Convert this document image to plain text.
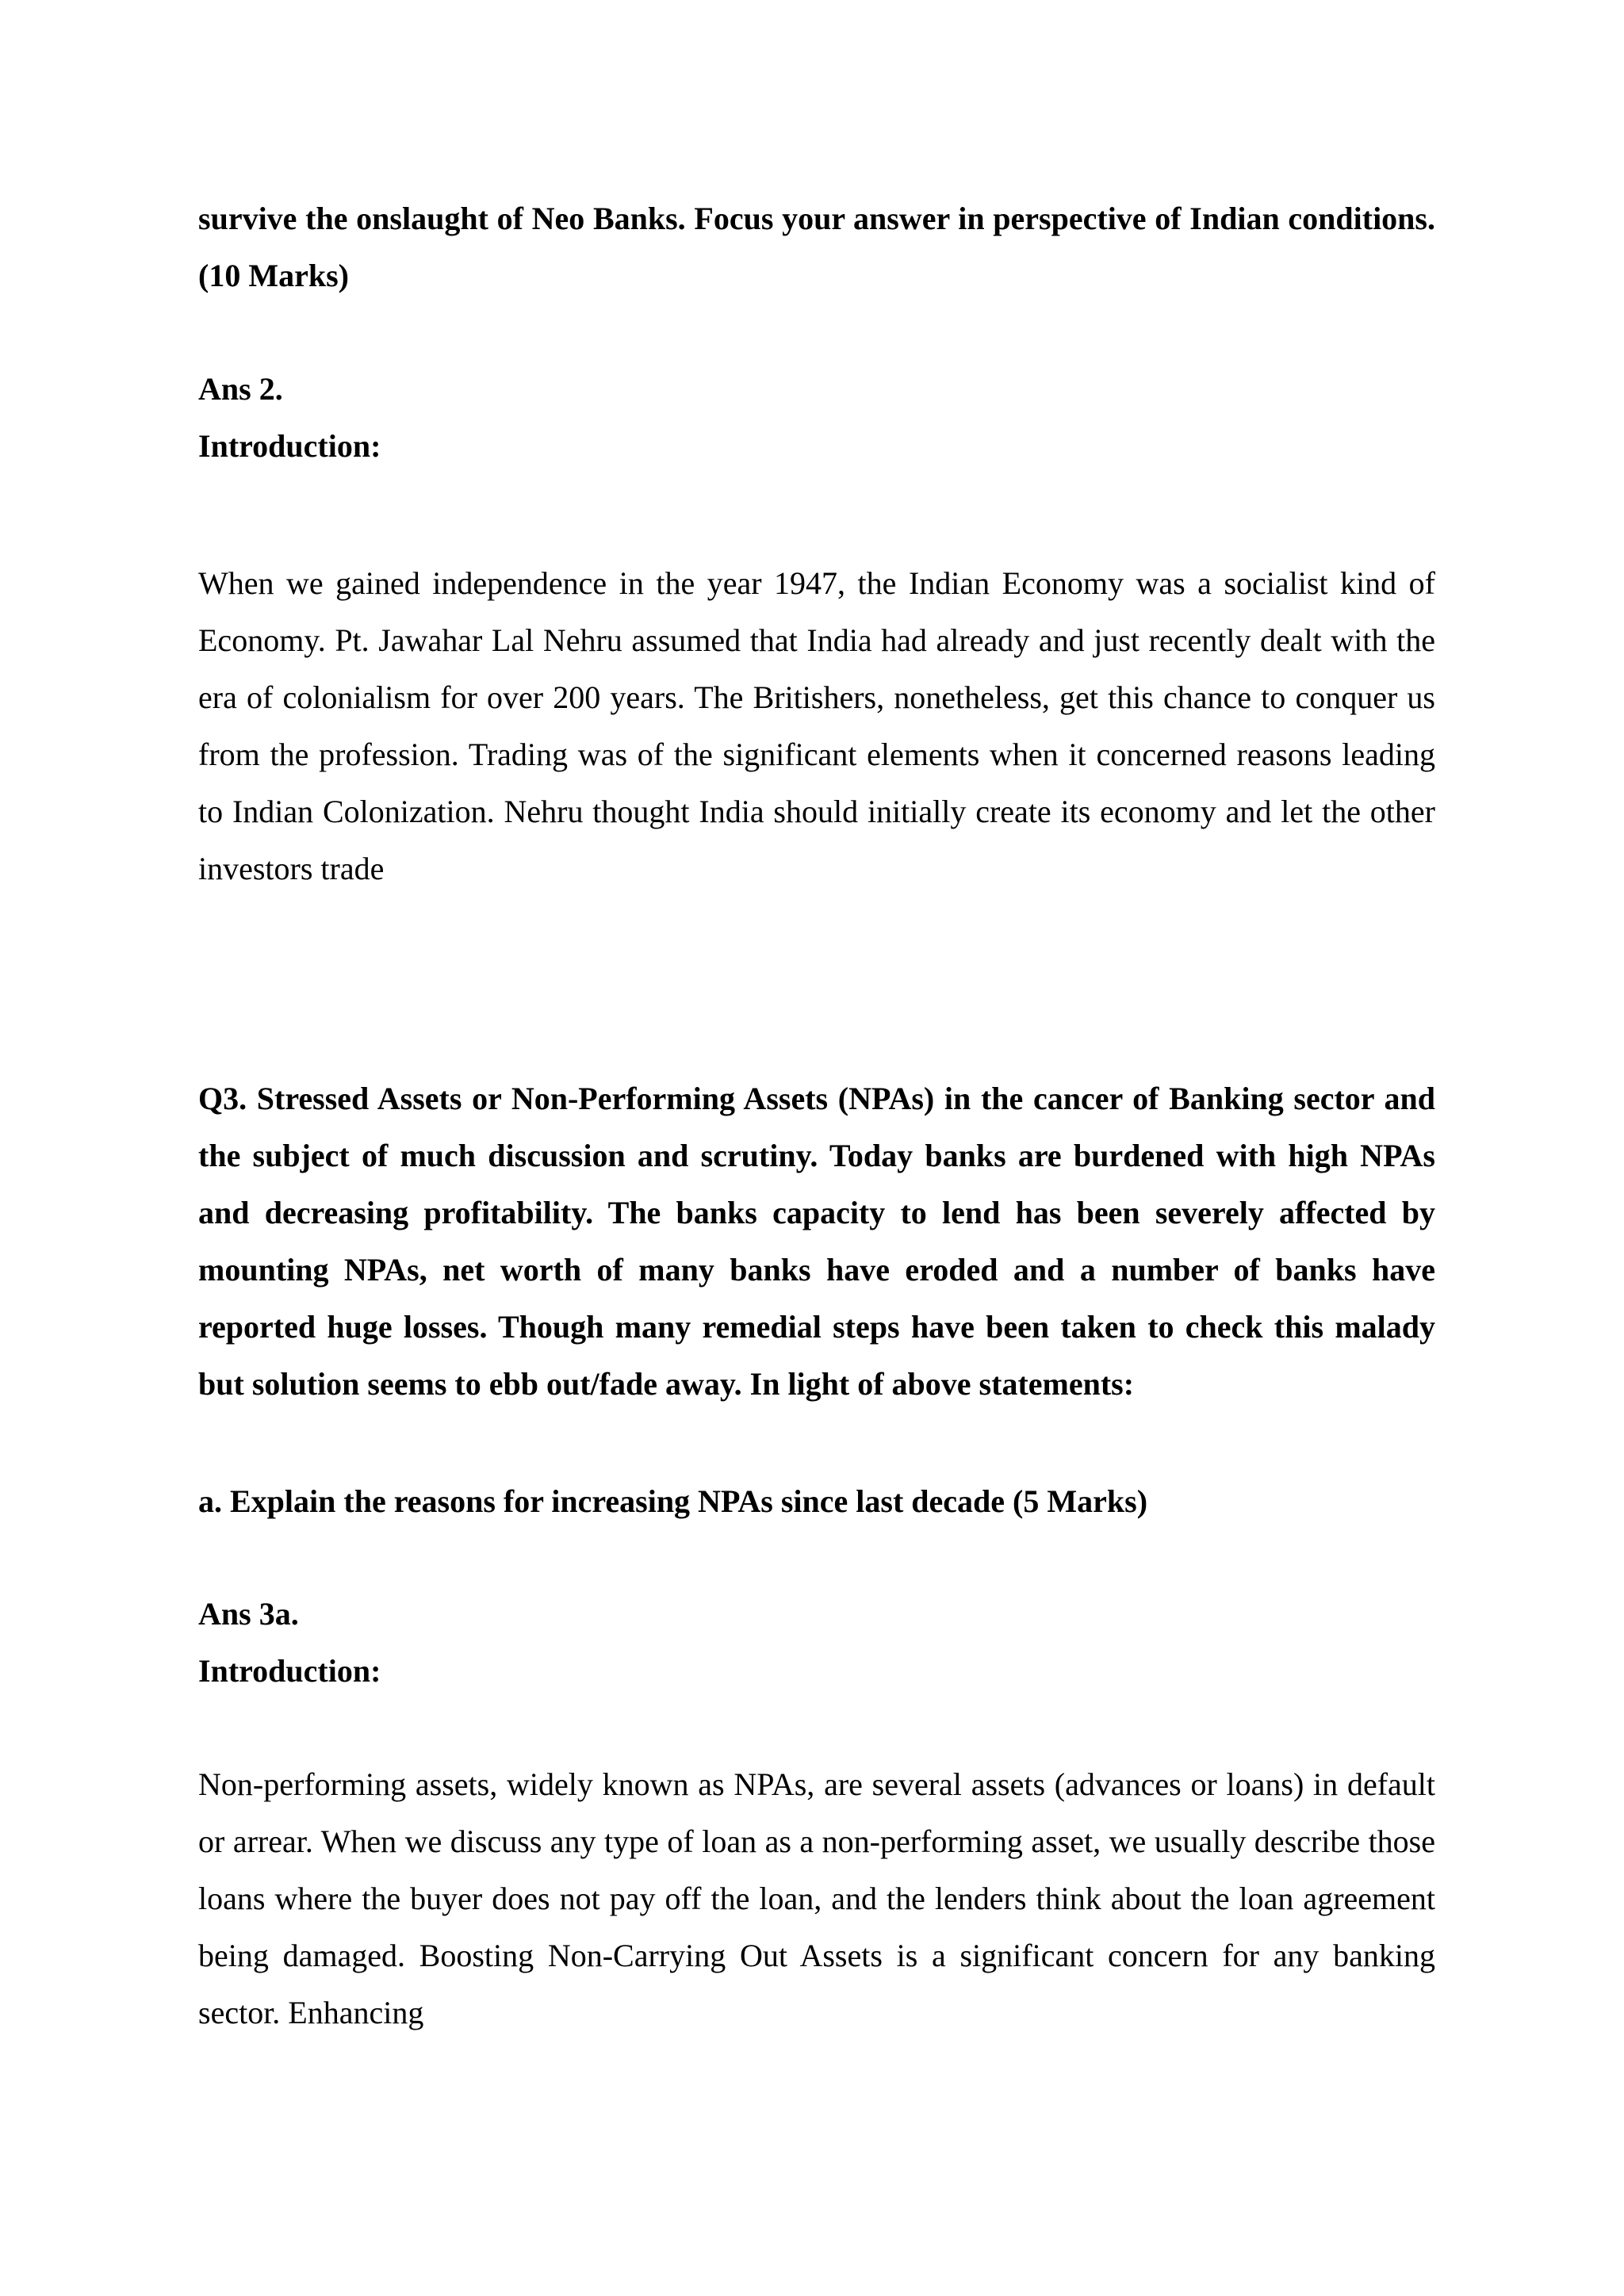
survive the onslaught of Neo Banks. Focus your answer in perspective of Indian conditions. (10 Marks)

Ans 2.

Introduction:

When we gained independence in the year 1947, the Indian Economy was a socialist kind of Economy. Pt. Jawahar Lal Nehru assumed that India had already and just recently dealt with the era of colonialism for over 200 years. The Britishers, nonetheless, get this chance to conquer us from the profession. Trading was of the significant elements when it concerned reasons leading to Indian Colonization. Nehru thought India should initially create its economy and let the other investors trade

Q3. Stressed Assets or Non-Performing Assets (NPAs) in the cancer of Banking sector and the subject of much discussion and scrutiny. Today banks are burdened with high NPAs and decreasing profitability. The banks capacity to lend has been severely affected by mounting NPAs, net worth of many banks have eroded and a number of banks have reported huge losses. Though many remedial steps have been taken to check this malady but solution seems to ebb out/fade away. In light of above statements:

a. Explain the reasons for increasing NPAs since last decade (5 Marks)

Ans 3a.

Introduction:

Non-performing assets, widely known as NPAs, are several assets (advances or loans) in default or arrear. When we discuss any type of loan as a non-performing asset, we usually describe those loans where the buyer does not pay off the loan, and the lenders think about the loan agreement being damaged. Boosting Non-Carrying Out Assets is a significant concern for any banking sector. Enhancing
